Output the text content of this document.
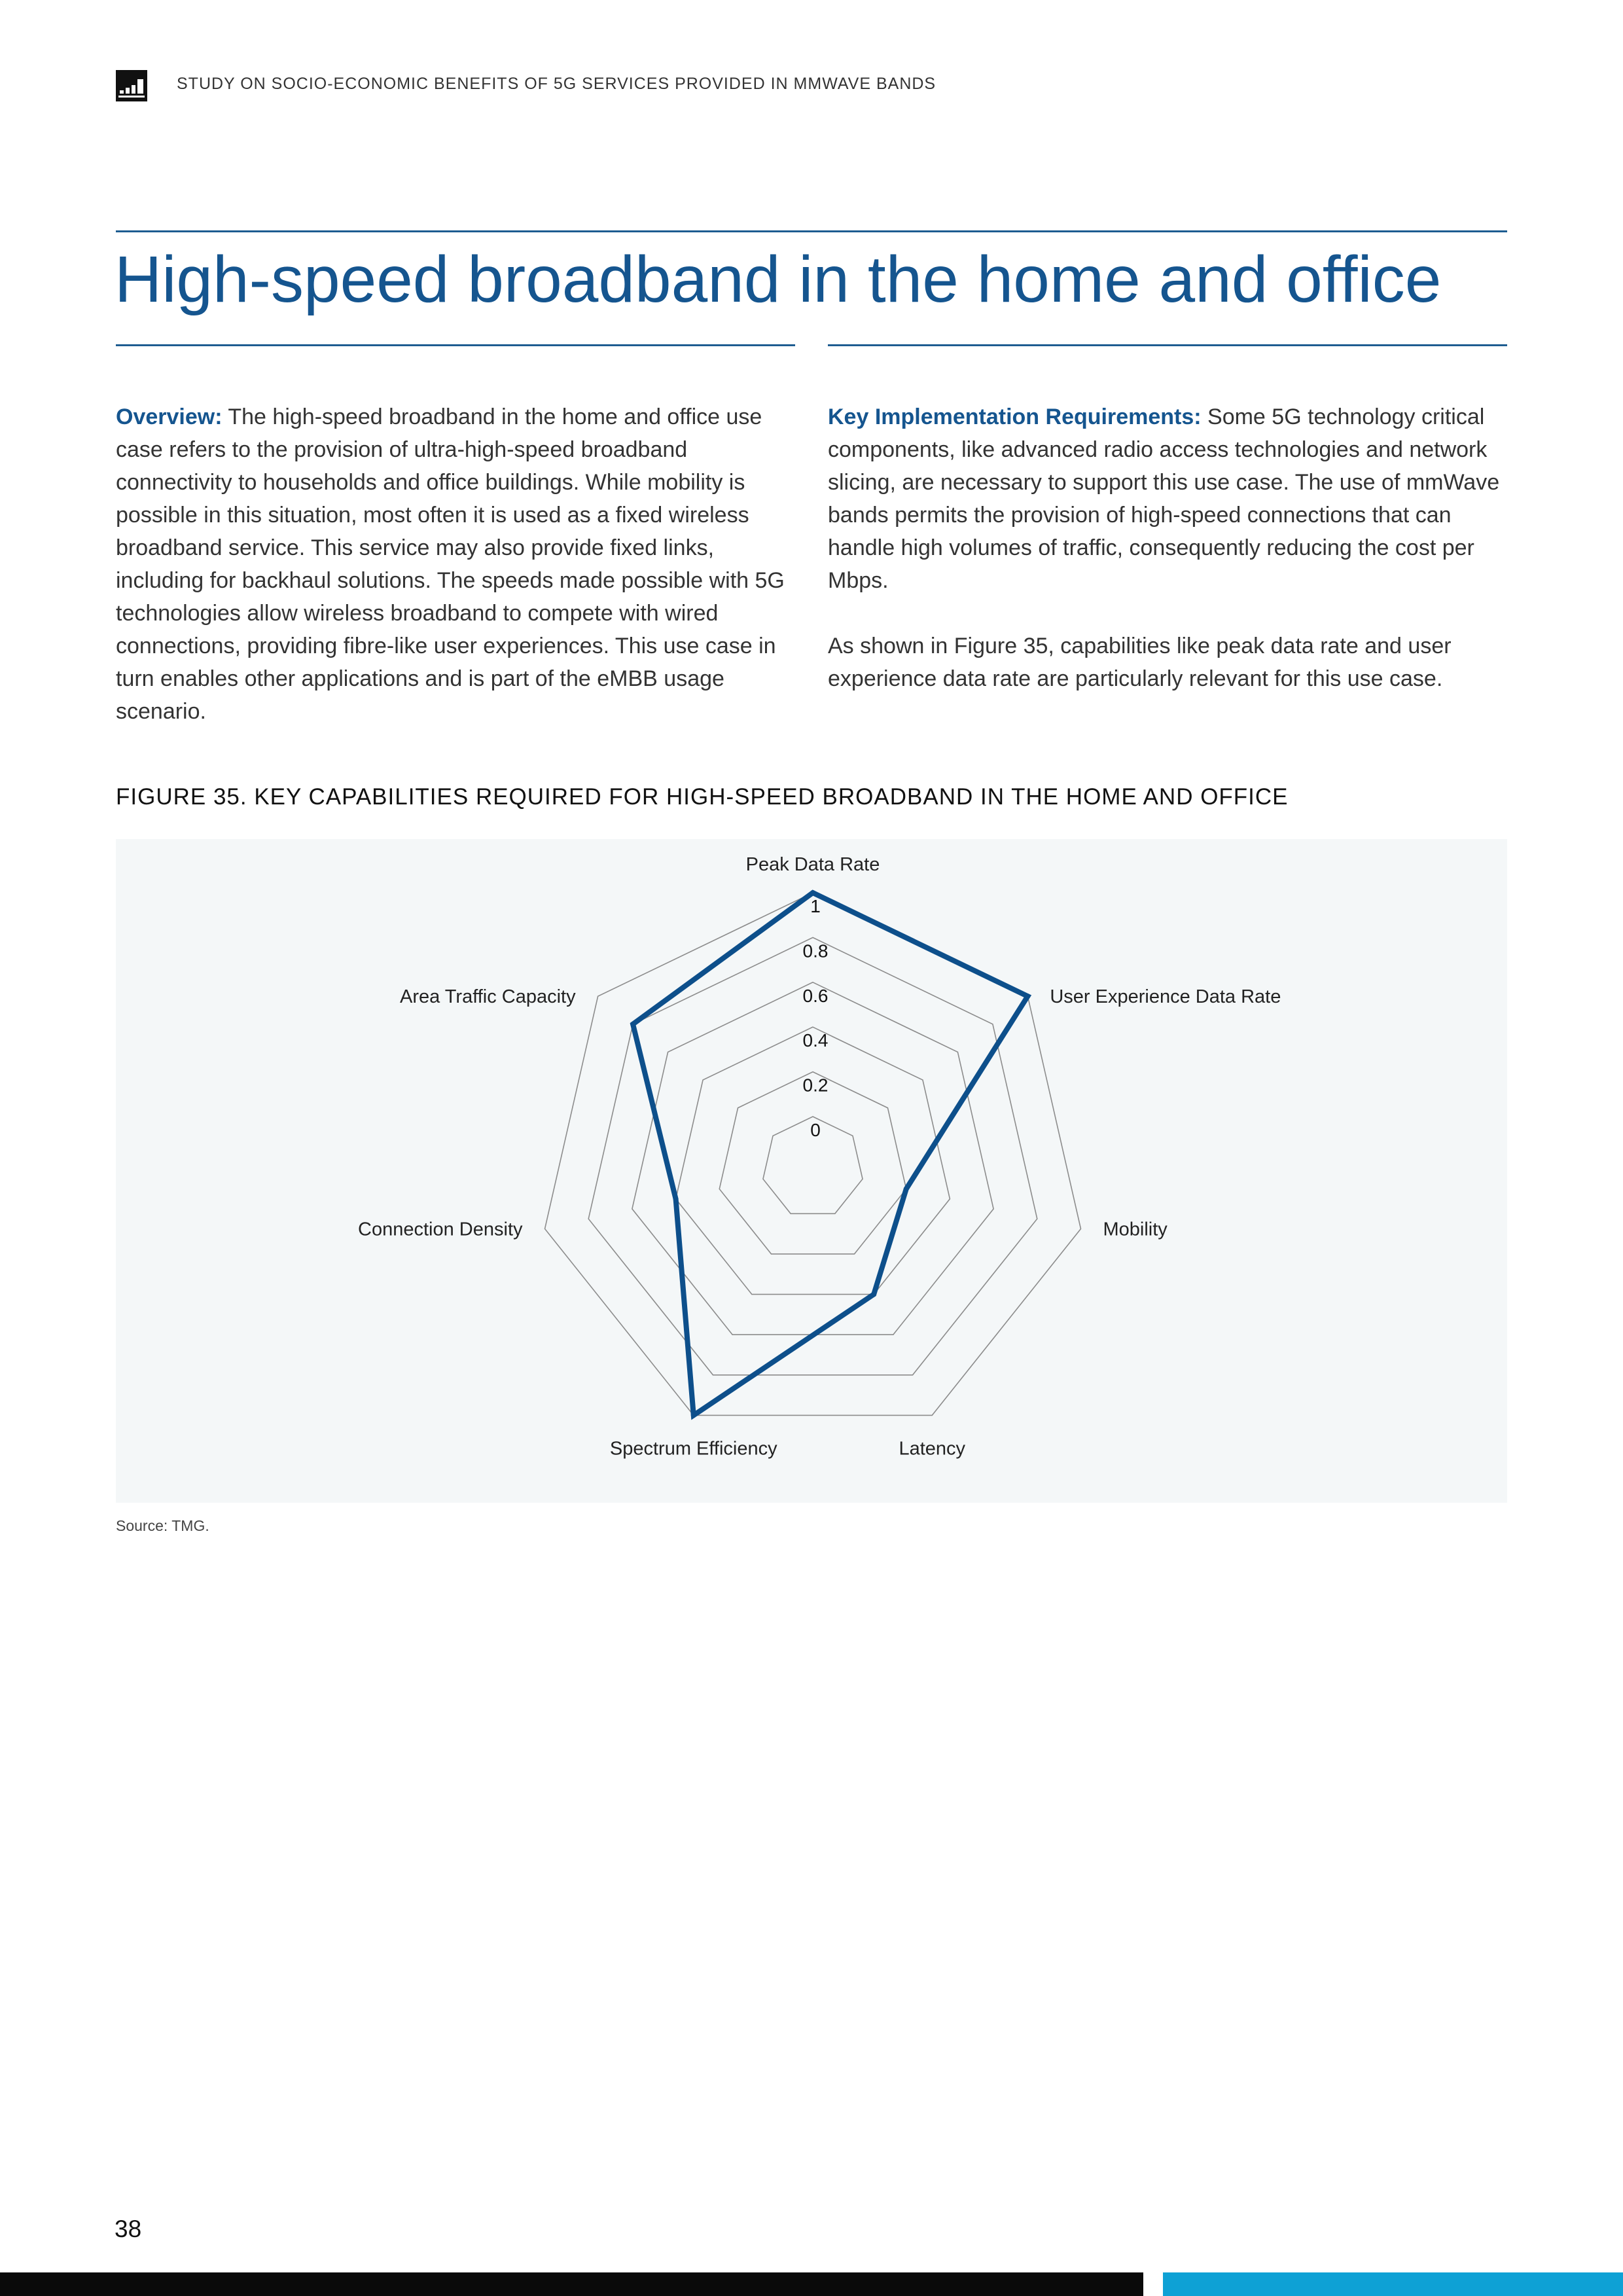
STUDY ON SOCIO-ECONOMIC BENEFITS OF 5G SERVICES PROVIDED IN MMWAVE BANDS
High-speed broadband in the home and office

Overview: The high-speed broadband in the home and office use case refers to the provision of ultra-high-speed broadband connectivity to households and office buildings. While mobility is possible in this situation, most often it is used as a fixed wireless broadband service. This service may also provide fixed links, including for backhaul solutions. The speeds made possible with 5G technologies allow wireless broadband to compete with wired connections, providing fibre-like user experiences. This use case in turn enables other applications and is part of the eMBB usage scenario.

Key Implementation Requirements: Some 5G technology critical components, like advanced radio access technologies and network slicing, are necessary to support this use case. The use of mmWave bands permits the provision of high-speed connections that can handle high volumes of traffic, consequently reducing the cost per Mbps.

As shown in Figure 35, capabilities like peak data rate and user experience data rate are particularly relevant for this use case.

FIGURE 35. KEY CAPABILITIES REQUIRED FOR HIGH-SPEED BROADBAND IN THE HOME AND OFFICE
0
0.2
0.4
0.6
0.8
1
Peak Data Rate
User Experience Data Rate
Mobility
Latency
Spectrum Efficiency
Connection Density
Area Traffic Capacity
Source: TMG.
38
